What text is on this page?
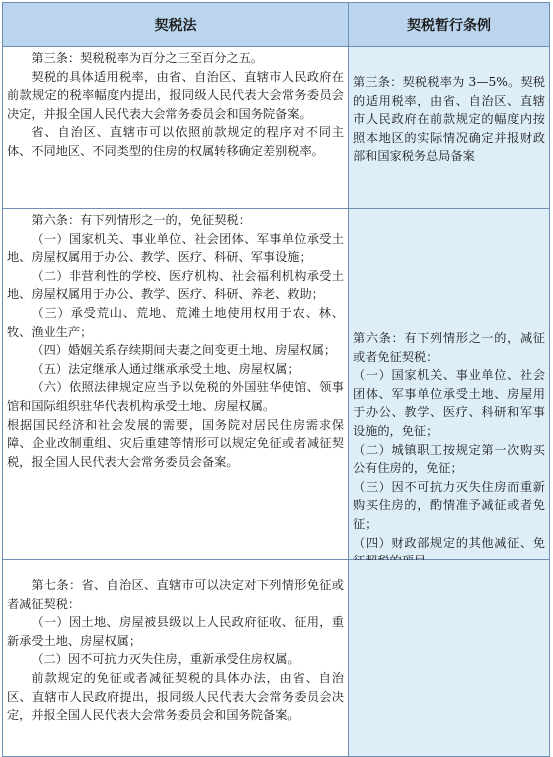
契税法	契税暂行条例

第三条：契税税率为百分之三至百分之五。

契税的具体适用税率，由省、自治区、直辖市人民政府在前款规定的税率幅度内提出，报同级人民代表大会常务委员会决定，并报全国人民代表大会常务委员会和国务院备案。

省、自治区、直辖市可以依照前款规定的程序对不同主体、不同地区、不同类型的住房的权属转移确定差别税率。

第三条：契税税率为 3—5%。契税的适用税率，由省、自治区、直辖市人民政府在前款规定的幅度内按照本地区的实际情况确定并报财政部和国家税务总局备案

第六条：有下列情形之一的，免征契税：

（一）国家机关、事业单位、社会团体、军事单位承受土地、房屋权属用于办公、教学、医疗、科研、军事设施；

（二）非营利性的学校、医疗机构、社会福利机构承受土地、房屋权属用于办公、教学、医疗、科研、养老、救助；

（三）承受荒山、荒地、荒滩土地使用权用于农、林、牧、渔业生产；

（四）婚姻关系存续期间夫妻之间变更土地、房屋权属；

（五）法定继承人通过继承承受土地、房屋权属；

（六）依照法律规定应当予以免税的外国驻华使馆、领事馆和国际组织驻华代表机构承受土地、房屋权属。

根据国民经济和社会发展的需要，国务院对居民住房需求保障、企业改制重组、灾后重建等情形可以规定免征或者减征契税，报全国人民代表大会常务委员会备案。

第六条：有下列情形之一的，减征或者免征契税：

（一）国家机关、事业单位、社会团体、军事单位承受土地、房屋用于办公、教学、医疗、科研和军事设施的，免征；

（二）城镇职工按规定第一次购买公有住房的，免征；

（三）因不可抗力灭失住房而重新购买住房的，酌情准予减征或者免征；

（四）财政部规定的其他减征、免

第七条：省、自治区、直辖市可以决定对下列情形免征或者减征契税：

（一）因土地、房屋被县级以上人民政府征收、征用，重新承受土地、房屋权属；

（二）因不可抗力灭失住房，重新承受住房权属。

前款规定的免征或者减征契税的具体办法，由省、自治区、直辖市人民政府提出，报同级人民代表大会常务委员会决定，并报全国人民代表大会常务委员会和国务院备案。
